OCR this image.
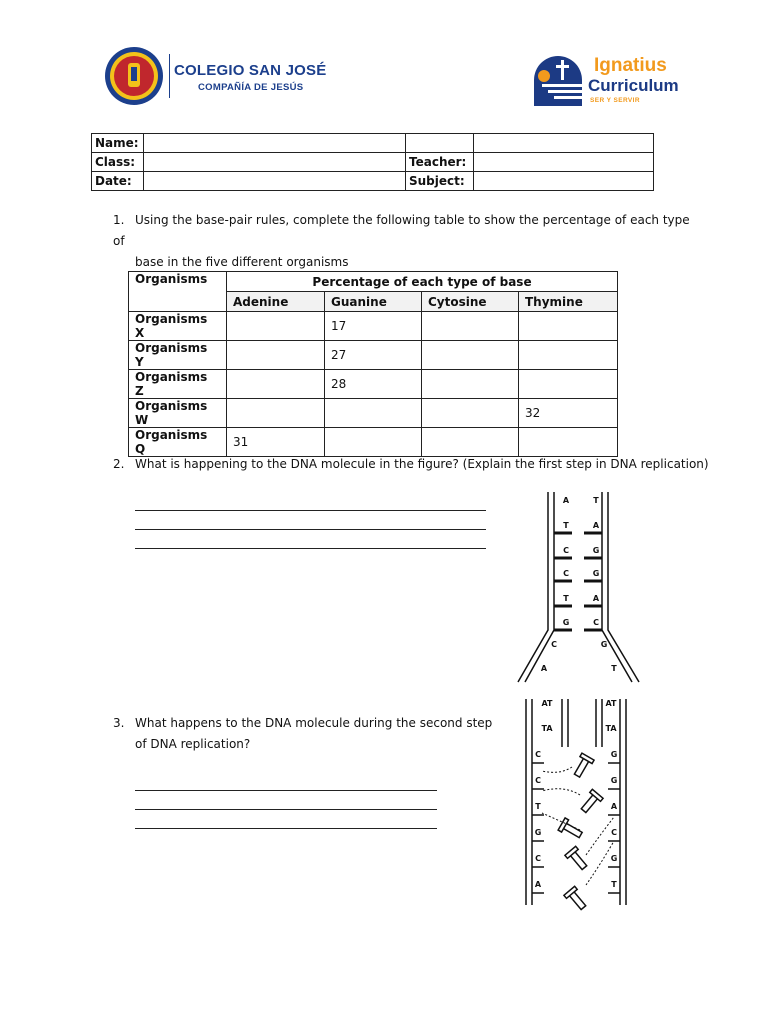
COLEGIO SAN JOSÉ
COMPAÑÍA DE JESÚS
Ignatius
Curriculum
SER Y SERVIR
Name:			
Class:		Teacher:	
Date:		Subject:	
1. Using the base-pair rules, complete the following table to show the percentage of each type of
base in the five different organisms
Organisms	Percentage of each type of base			
	Adenine	Guanine	Cytosine	Thymine
Organisms X		17		
Organisms Y		27		
Organisms Z		28		
Organisms W				32
Organisms Q	31			
2. What is happening to the DNA molecule in the figure? (Explain the first step in DNA replication)
A	T
T	A
C	G
C	G
T	A
G	C
C	G
A	T
3. What happens to the DNA molecule during the second step
of DNA replication?
AT	AT
TA	TA
C
C
T
G
C
A
G
G
A
C
G
T
